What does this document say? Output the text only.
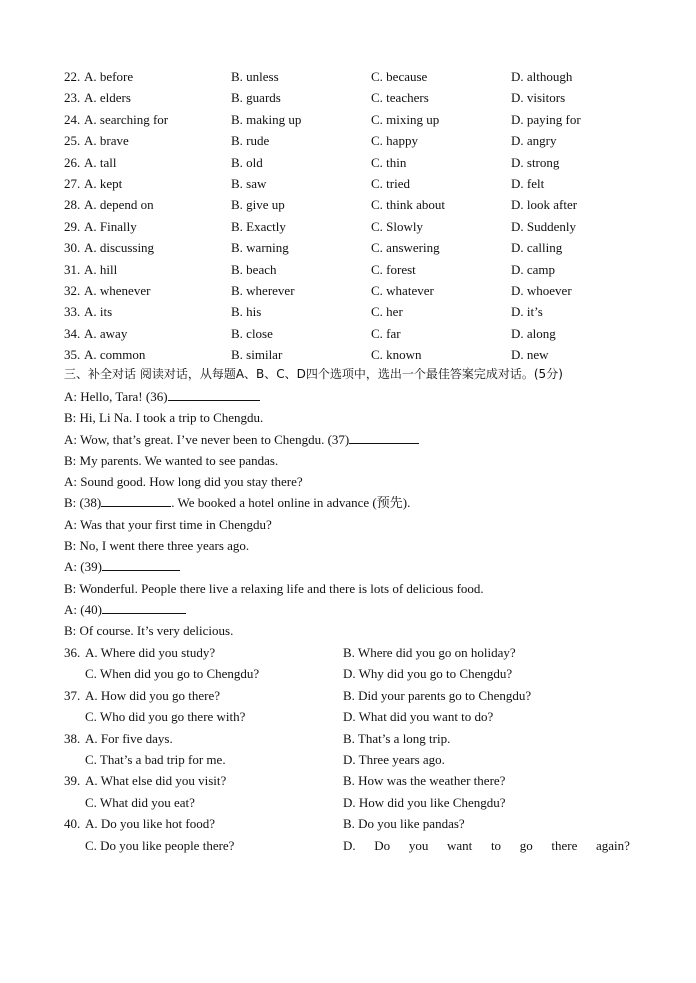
22. A. before	B. unless	C. because	D. although
23. A. elders	B. guards	C. teachers	D. visitors
24. A. searching for	B. making up	C. mixing up	D. paying for
25. A. brave	B. rude	C. happy	D. angry
26. A. tall	B. old	C. thin	D. strong
27. A. kept	B. saw	C. tried	D. felt
28. A. depend on	B. give up	C. think about	D. look after
29. A. Finally	B. Exactly	C. Slowly	D. Suddenly
30. A. discussing	B. warning	C. answering	D. calling
31. A. hill	B. beach	C. forest	D. camp
32. A. whenever	B. wherever	C. whatever	D. whoever
33. A. its	B. his	C. her	D. it’s
34. A. away	B. close	C. far	D. along
35. A. common	B. similar	C. known	D. new
三、补全对话 阅读对话，从每题A、B、C、D四个选项中，选出一个最佳答案完成对话。(5分)
A: Hello, Tara! (36)
B: Hi, Li Na. I took a trip to Chengdu.
A: Wow, that’s great. I’ve never been to Chengdu. (37)
B: My parents. We wanted to see pandas.
A: Sound good. How long did you stay there?
B: (38)	. We booked a hotel online in advance (预先).
A: Was that your first time in Chengdu?
B: No, I went there three years ago.
A: (39)
B: Wonderful. People there live a relaxing life and there is lots of delicious food.
A: (40)
B: Of course. It’s very delicious.
36. A. Where did you study?	B. Where did you go on holiday?
C. When did you go to Chengdu?	D. Why did you go to Chengdu?
37. A. How did you go there?	B. Did your parents go to Chengdu?
C. Who did you go there with?	D. What did you want to do?
38. A. For five days.	B. That’s a long trip.
C. That’s a bad trip for me.	D. Three years ago.
39. A. What else did you visit?	B. How was the weather there?
C. What did you eat?	D. How did you like Chengdu?
40. A. Do you like hot food?	B. Do you like pandas?
C. Do you like people there?	D. Do you want to go there again?
